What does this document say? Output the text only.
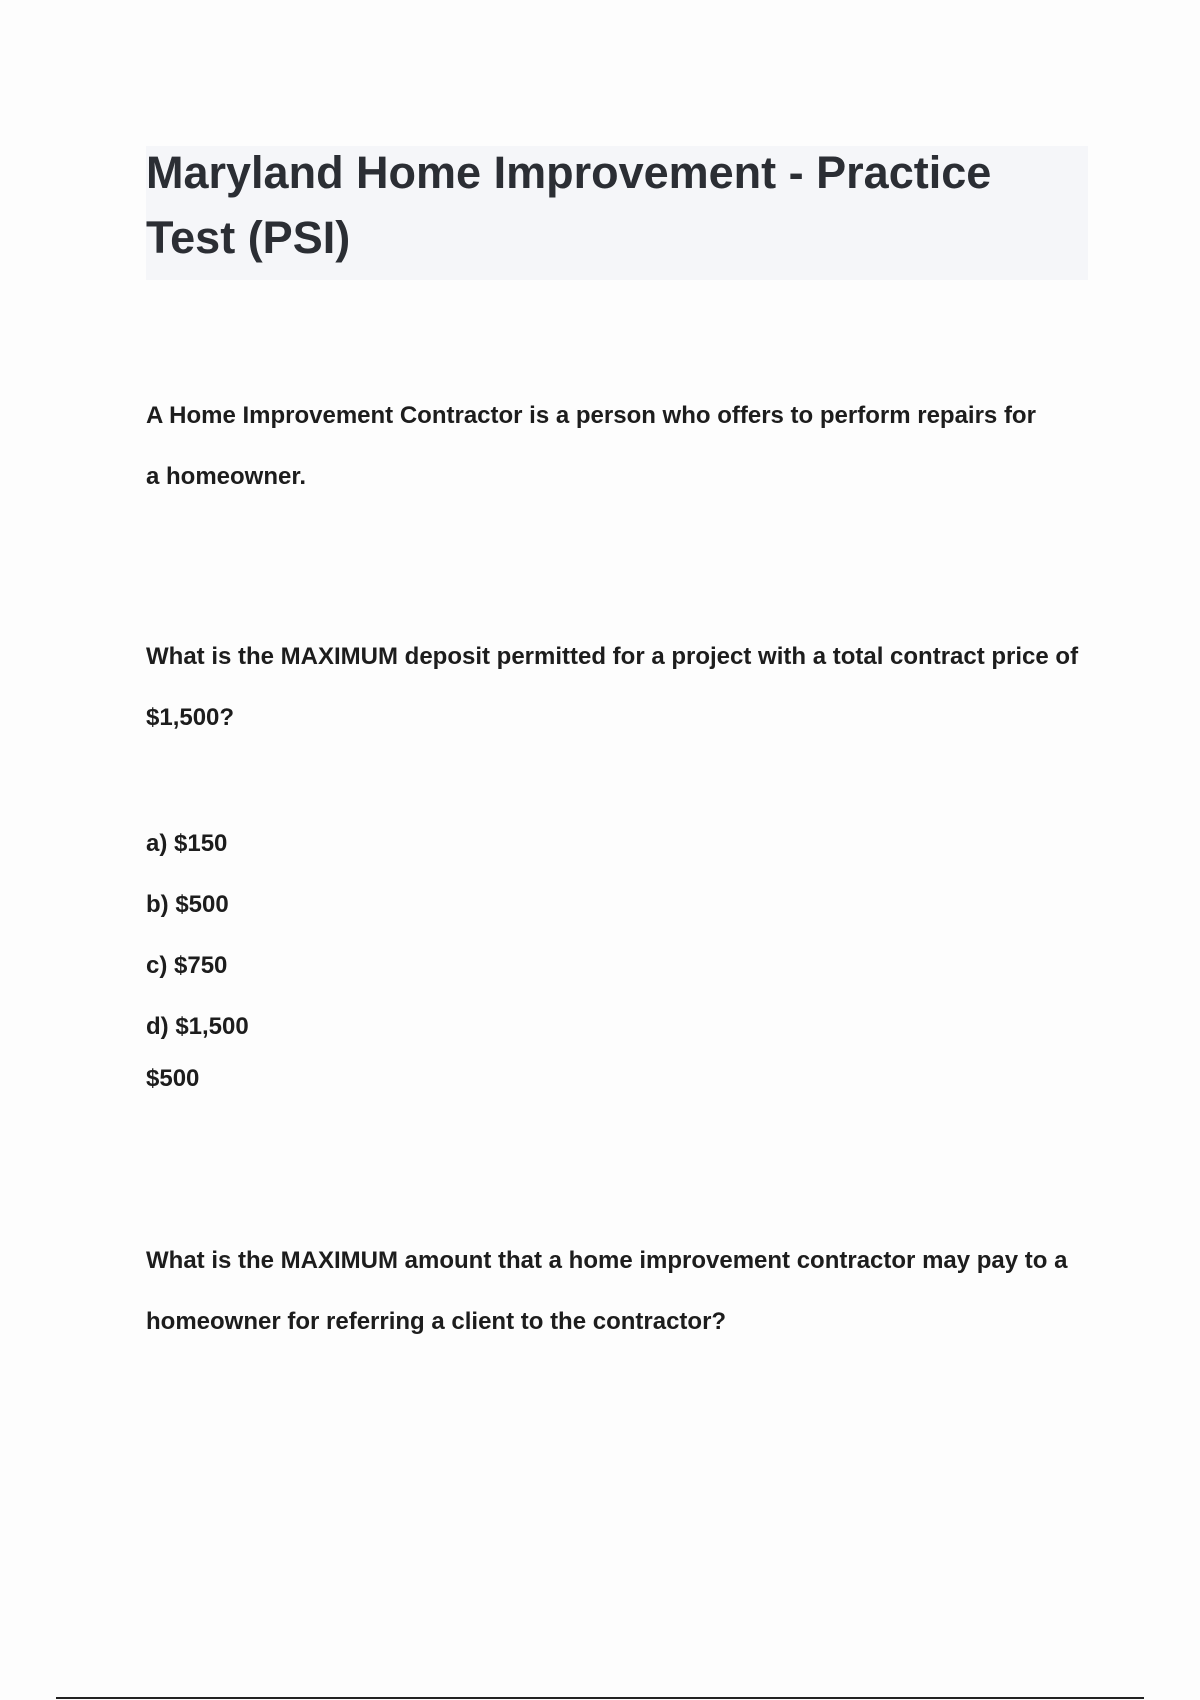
Maryland Home Improvement - Practice Test (PSI)

A Home Improvement Contractor is a person who offers to perform repairs for a homeowner.

What is the MAXIMUM deposit permitted for a project with a total contract price of $1,500?

a) $150
b) $500
c) $750
d) $1,500

$500

What is the MAXIMUM amount that a home improvement contractor may pay to a homeowner for referring a client to the contractor?
